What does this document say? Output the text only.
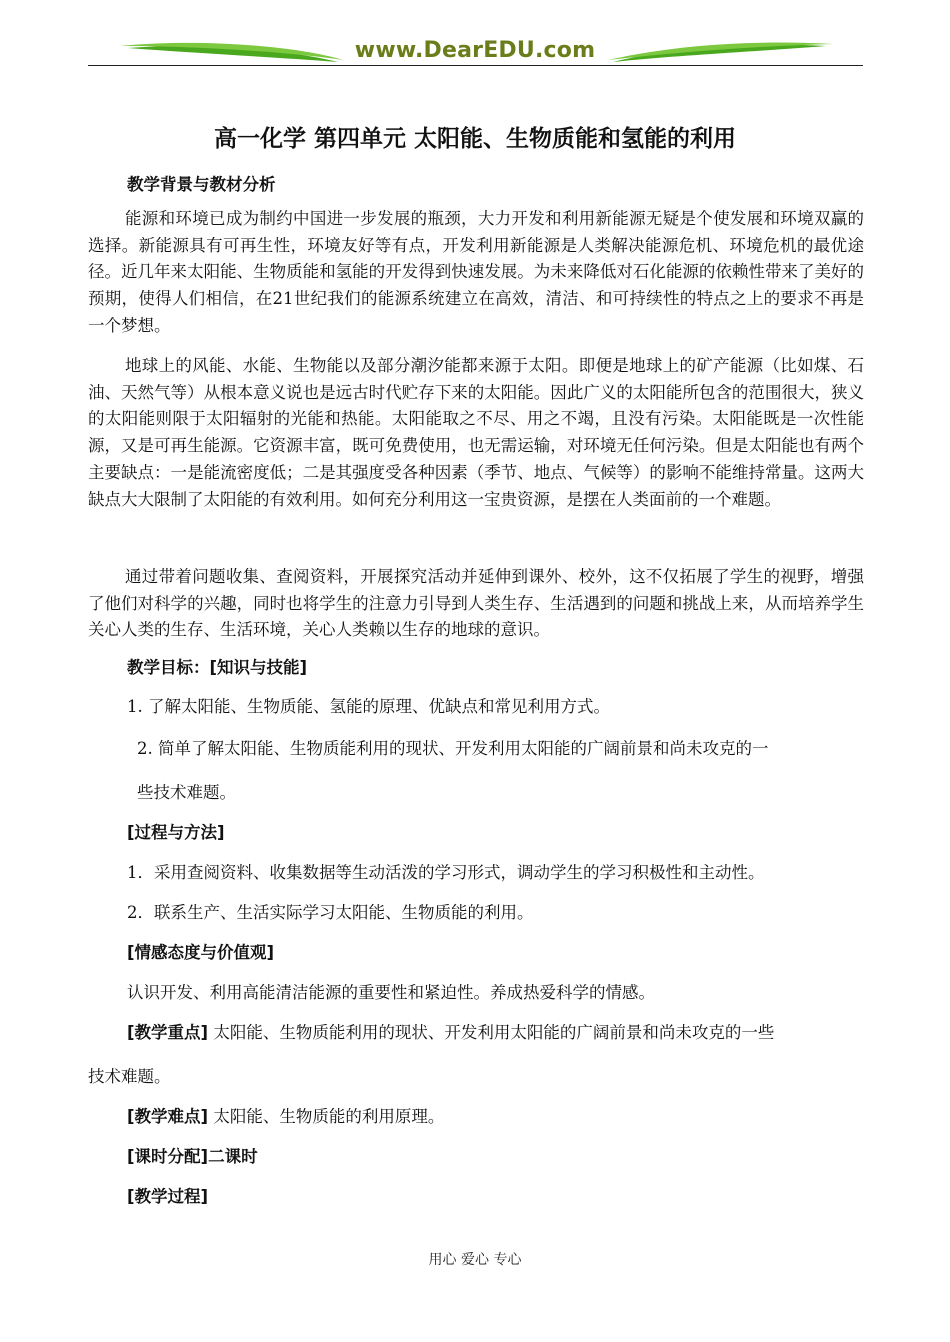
www.DearEDU.com
高一化学 第四单元 太阳能、生物质能和氢能的利用

教学背景与教材分析

能源和环境已成为制约中国进一步发展的瓶颈，大力开发和利用新能源无疑是个使发展和环境双赢的选择。新能源具有可再生性，环境友好等有点，开发利用新能源是人类解决能源危机、环境危机的最优途径。近几年来太阳能、生物质能和氢能的开发得到快速发展。为未来降低对石化能源的依赖性带来了美好的预期，使得人们相信，在21世纪我们的能源系统建立在高效，清洁、和可持续性的特点之上的要求不再是一个梦想。

地球上的风能、水能、生物能以及部分潮汐能都来源于太阳。即便是地球上的矿产能源（比如煤、石油、天然气等）从根本意义说也是远古时代贮存下来的太阳能。因此广义的太阳能所包含的范围很大，狭义的太阳能则限于太阳辐射的光能和热能。太阳能取之不尽、用之不竭，且没有污染。太阳能既是一次性能源，又是可再生能源。它资源丰富，既可免费使用，也无需运输，对环境无任何污染。但是太阳能也有两个主要缺点：一是能流密度低；二是其强度受各种因素（季节、地点、气候等）的影响不能维持常量。这两大缺点大大限制了太阳能的有效利用。如何充分利用这一宝贵资源，是摆在人类面前的一个难题。

通过带着问题收集、查阅资料，开展探究活动并延伸到课外、校外，这不仅拓展了学生的视野，增强了他们对科学的兴趣，同时也将学生的注意力引导到人类生存、生活遇到的问题和挑战上来，从而培养学生关心人类的生存、生活环境，关心人类赖以生存的地球的意识。

教学目标：[知识与技能]

1. 了解太阳能、生物质能、氢能的原理、优缺点和常见利用方式。

2. 简单了解太阳能、生物质能利用的现状、开发利用太阳能的广阔前景和尚未攻克的一

些技术难题。

[过程与方法]

1．采用查阅资料、收集数据等生动活泼的学习形式，调动学生的学习积极性和主动性。

2．联系生产、生活实际学习太阳能、生物质能的利用。

[情感态度与价值观]

认识开发、利用高能清洁能源的重要性和紧迫性。养成热爱科学的情感。

[教学重点] 太阳能、生物质能利用的现状、开发利用太阳能的广阔前景和尚未攻克的一些

技术难题。

[教学难点] 太阳能、生物质能的利用原理。

[课时分配]二课时

[教学过程]

用心 爱心 专心
